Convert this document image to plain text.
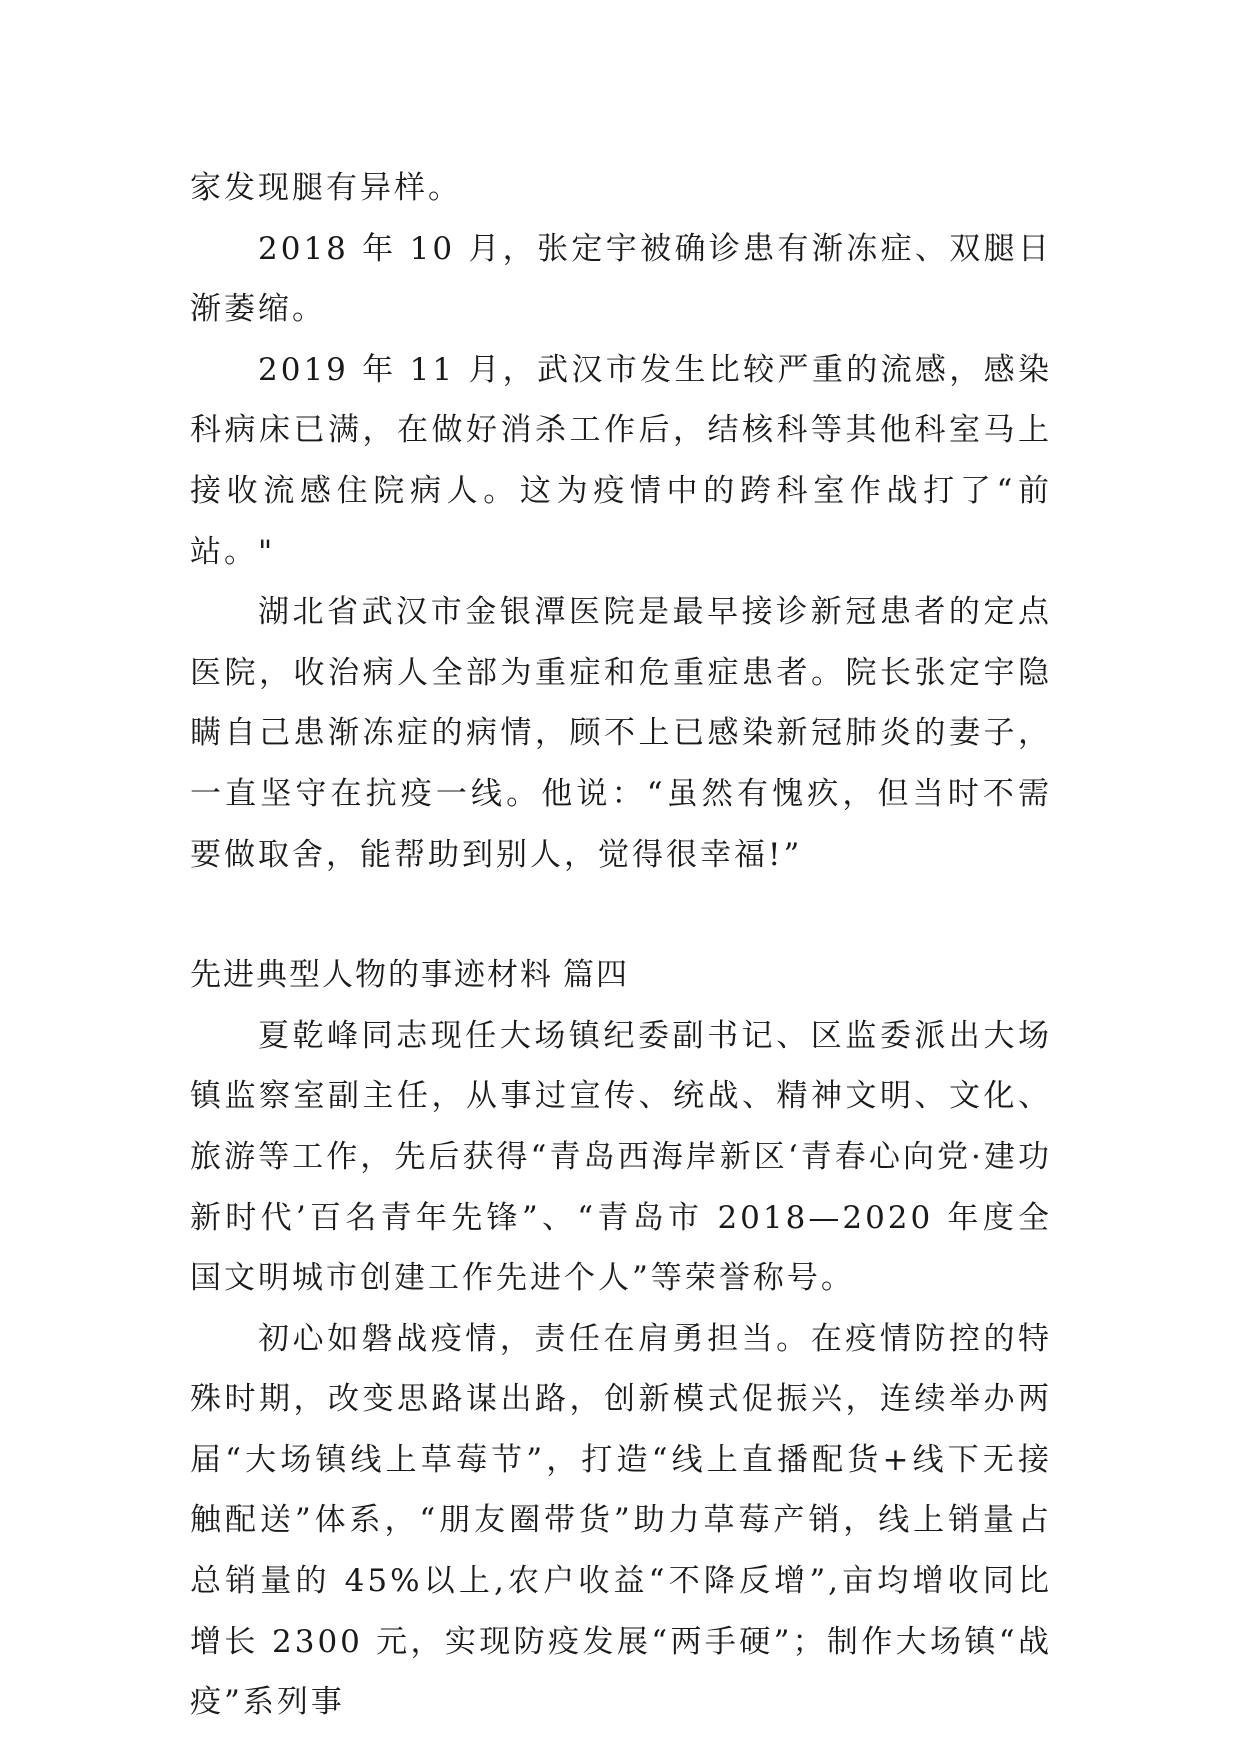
家发现腿有异样。

2018 年 10 月，张定宇被确诊患有渐冻症、双腿日渐萎缩。

2019 年 11 月，武汉市发生比较严重的流感，感染科病床已满，在做好消杀工作后，结核科等其他科室马上接收流感住院病人。这为疫情中的跨科室作战打了“前站。"

湖北省武汉市金银潭医院是最早接诊新冠患者的定点医院，收治病人全部为重症和危重症患者。院长张定宇隐瞒自己患渐冻症的病情，顾不上已感染新冠肺炎的妻子，一直坚守在抗疫一线。他说：“虽然有愧疚，但当时不需要做取舍，能帮助到别人，觉得很幸福!”

先进典型人物的事迹材料 篇四

夏乾峰同志现任大场镇纪委副书记、区监委派出大场镇监察室副主任，从事过宣传、统战、精神文明、文化、旅游等工作，先后获得“青岛西海岸新区‘青春心向党·建功新时代’百名青年先锋”、“青岛市 2018—2020 年度全国文明城市创建工作先进个人”等荣誉称号。

初心如磐战疫情，责任在肩勇担当。在疫情防控的特殊时期，改变思路谋出路，创新模式促振兴，连续举办两届“大场镇线上草莓节”，打造“线上直播配货+线下无接触配送”体系，“朋友圈带货”助力草莓产销，线上销量占总销量的 45%以上,农户收益“不降反增”,亩均增收同比增长 2300 元，实现防疫发展“两手硬”；制作大场镇“战疫”系列事
